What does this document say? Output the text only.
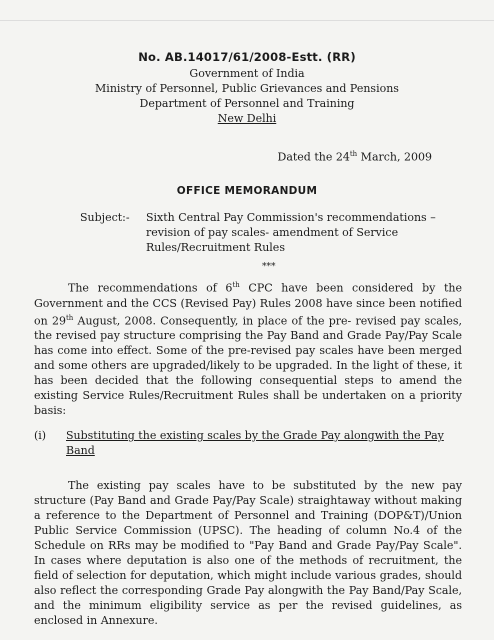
No. AB.14017/61/2008-Estt. (RR)
Government of India
Ministry of Personnel, Public Grievances and Pensions
Department of Personnel and Training
New Delhi
Dated the 24th March, 2009
OFFICE MEMORANDUM
Subject:- Sixth Central Pay Commission's recommendations – revision of pay scales- amendment of Service Rules/Recruitment Rules
***
The recommendations of 6th CPC have been considered by the Government and the CCS (Revised Pay) Rules 2008 have since been notified on 29th August, 2008. Consequently, in place of the pre- revised pay scales, the revised pay structure comprising the Pay Band and Grade Pay/Pay Scale has come into effect. Some of the pre-revised pay scales have been merged and some others are upgraded/likely to be upgraded. In the light of these, it has been decided that the following consequential steps to amend the existing Service Rules/Recruitment Rules shall be undertaken on a priority basis:
(i) Substituting the existing scales by the Grade Pay alongwith the Pay Band
The existing pay scales have to be substituted by the new pay structure (Pay Band and Grade Pay/Pay Scale) straightaway without making a reference to the Department of Personnel and Training (DOP&T)/Union Public Service Commission (UPSC). The heading of column No.4 of the Schedule on RRs may be modified to "Pay Band and Grade Pay/Pay Scale". In cases where deputation is also one of the methods of recruitment, the field of selection for deputation, which might include various grades, should also reflect the corresponding Grade Pay alongwith the Pay Band/Pay Scale, and the minimum eligibility service as per the revised guidelines, as enclosed in Annexure.
